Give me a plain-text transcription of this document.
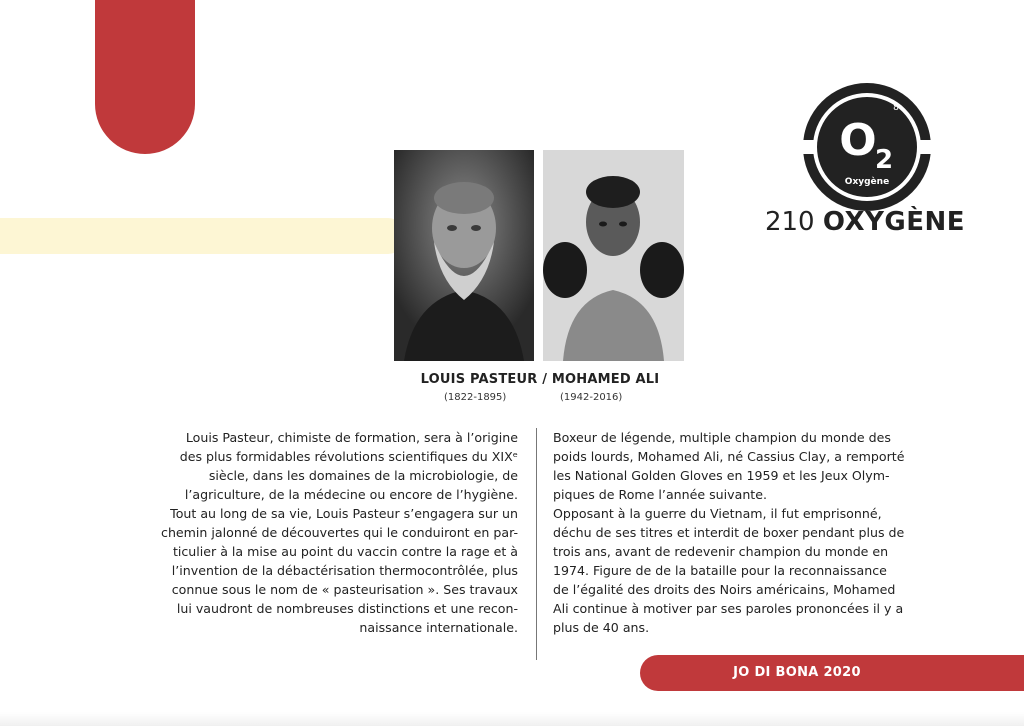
O
2
8
Oxygène
210 OXYGÈNE
LOUIS PASTEUR / MOHAMED ALI
(1822-1895)	(1942-2016)
Louis Pasteur, chimiste de formation, sera à l’origine
des plus formidables révolutions scientifiques du XIXᵉ
siècle, dans les domaines de la microbiologie, de
l’agriculture, de la médecine ou encore de l’hygiène.
Tout au long de sa vie, Louis Pasteur s’engagera sur un
chemin jalonné de découvertes qui le conduiront en par-
ticulier à la mise au point du vaccin contre la rage et à
l’invention de la débactérisation thermocontrôlée, plus
connue sous le nom de « pasteurisation ». Ses travaux
lui vaudront de nombreuses distinctions et une recon-
naissance internationale.
Boxeur de légende, multiple champion du monde des
poids lourds, Mohamed Ali, né Cassius Clay, a remporté
les National Golden Gloves en 1959 et les Jeux Olym-
piques de Rome l’année suivante.
Opposant à la guerre du Vietnam, il fut emprisonné,
déchu de ses titres et interdit de boxer pendant plus de
trois ans, avant de redevenir champion du monde en
1974. Figure de de la bataille pour la reconnaissance
de l’égalité des droits des Noirs américains, Mohamed
Ali continue à motiver par ses paroles prononcées il y a
plus de 40 ans.
JO DI BONA 2020
